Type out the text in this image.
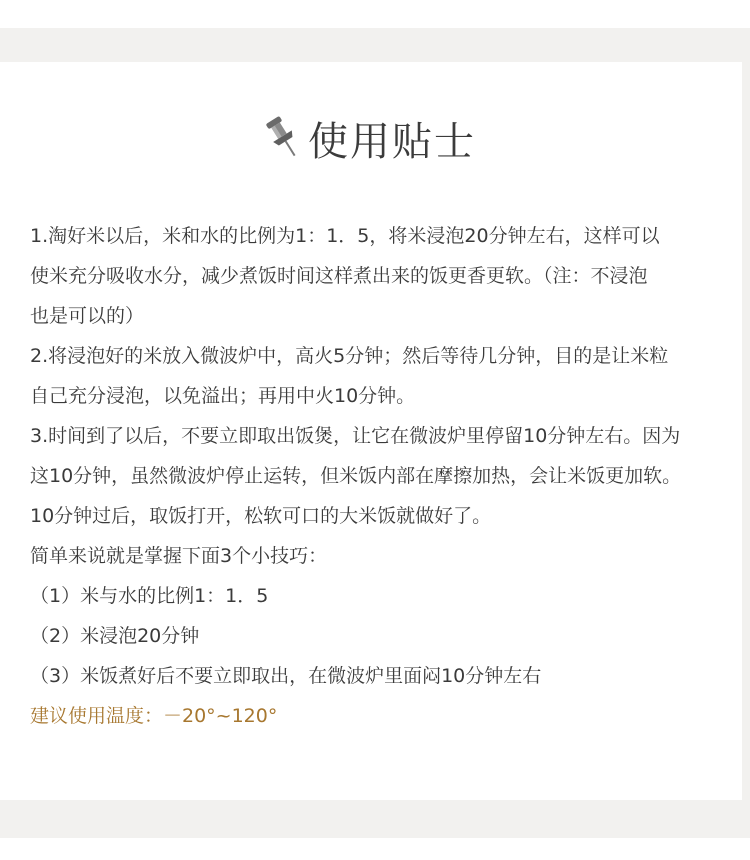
使用贴士
1.淘好米以后，米和水的比例为1：1．5，将米浸泡20分钟左右，这样可以
使米充分吸收水分，减少煮饭时间这样煮出来的饭更香更软。（注：不浸泡
也是可以的）
2.将浸泡好的米放入微波炉中，高火5分钟；然后等待几分钟，目的是让米粒
自己充分浸泡，以免溢出；再用中火10分钟。
3.时间到了以后，不要立即取出饭煲，让它在微波炉里停留10分钟左右。因为
这10分钟，虽然微波炉停止运转，但米饭内部在摩擦加热，会让米饭更加软。
10分钟过后，取饭打开，松软可口的大米饭就做好了。
简单来说就是掌握下面3个小技巧：
（1）米与水的比例1：1．5
（2）米浸泡20分钟
（3）米饭煮好后不要立即取出，在微波炉里面闷10分钟左右
建议使用温度：－20°~120°
